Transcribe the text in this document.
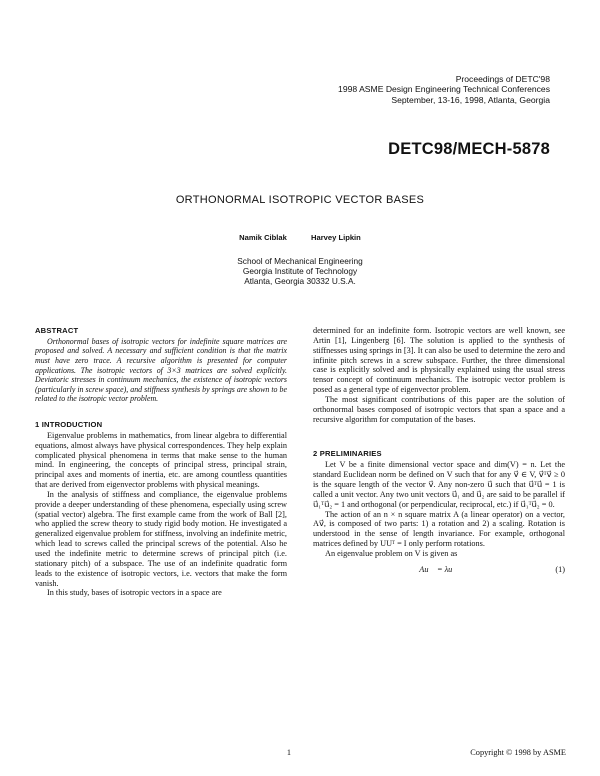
Proceedings of DETC'98
1998 ASME Design Engineering Technical Conferences
September, 13-16, 1998, Atlanta, Georgia
DETC98/MECH-5878
ORTHONORMAL ISOTROPIC VECTOR BASES
Namik Ciblak	Harvey Lipkin
School of Mechanical Engineering
Georgia Institute of Technology
Atlanta, Georgia 30332 U.S.A.
ABSTRACT

Orthonormal bases of isotropic vectors for indefinite square matrices are proposed and solved. A necessary and sufficient condition is that the matrix must have zero trace. A recursive algorithm is presented for computer applications. The isotropic vectors of 3×3 matrices are solved explicitly. Deviatoric stresses in continuum mechanics, the existence of isotropic vectors (particularly in screw space), and stiffness synthesis by springs are shown to be related to the isotropic vector problem.

1 INTRODUCTION

Eigenvalue problems in mathematics, from linear algebra to differential equations, almost always have physical correspondences. They help explain complicated physical phenomena in terms that make sense to the human mind. In engineering, the concepts of principal stress, principal strain, principal axes and moments of inertia, etc. are among countless quantities that are derived from eigenvector problems with physical meanings.

In the analysis of stiffness and compliance, the eigenvalue problems provide a deeper understanding of these phenomena, especially using screw (spatial vector) algebra. The first example came from the work of Ball [2], who applied the screw theory to study rigid body motion. He investigated a generalized eigenvalue problem for stiffness, involving an indefinite metric, which lead to screws called the principal screws of the potential. Also he used the indefinite metric to determine screws of principal pitch (i.e. stationary pitch) of a subspace. The use of an indefinite quadratic form leads to the existence of isotropic vectors, i.e. vectors that make the form vanish.

In this study, bases of isotropic vectors in a space are

determined for an indefinite form. Isotropic vectors are well known, see Artin [1], Lingenberg [6]. The solution is applied to the synthesis of stiffnesses using springs in [3]. It can also be used to determine the zero and infinite pitch screws in a screw subspace. Further, the three dimensional case is explicitly solved and is physically explained using the usual stress tensor concept of continuum mechanics. The isotropic vector problem is posed as a general type of eigenvector problem.

The most significant contributions of this paper are the solution of orthonormal bases composed of isotropic vectors that span a space and a recursive algorithm for computation of the bases.

2 PRELIMINARIES

Let V be a finite dimensional vector space and dim(V) = n. Let the standard Euclidean norm be defined on V such that for any v⃗ ∈ V, v⃗ᵀv⃗ ≥ 0 is the square length of the vector v⃗. Any non-zero u⃗ such that u⃗ᵀu⃗ = 1 is called a unit vector. Any two unit vectors u⃗₁ and u⃗₂ are said to be parallel if u⃗₁ᵀu⃗₂ = 1 and orthogonal (or perpendicular, reciprocal, etc.) if u⃗₁ᵀu⃗₂ = 0.

The action of an n × n square matrix A (a linear operator) on a vector, Av⃗, is composed of two parts: 1) a rotation and 2) a scaling. Rotation is understood in the sense of length invariance. For example, orthogonal matrices defined by UUᵀ = I only perform rotations.

An eigenvalue problem on V is given as

Au⃗ = λu⃗	(1)
1	Copyright © 1998 by ASME
